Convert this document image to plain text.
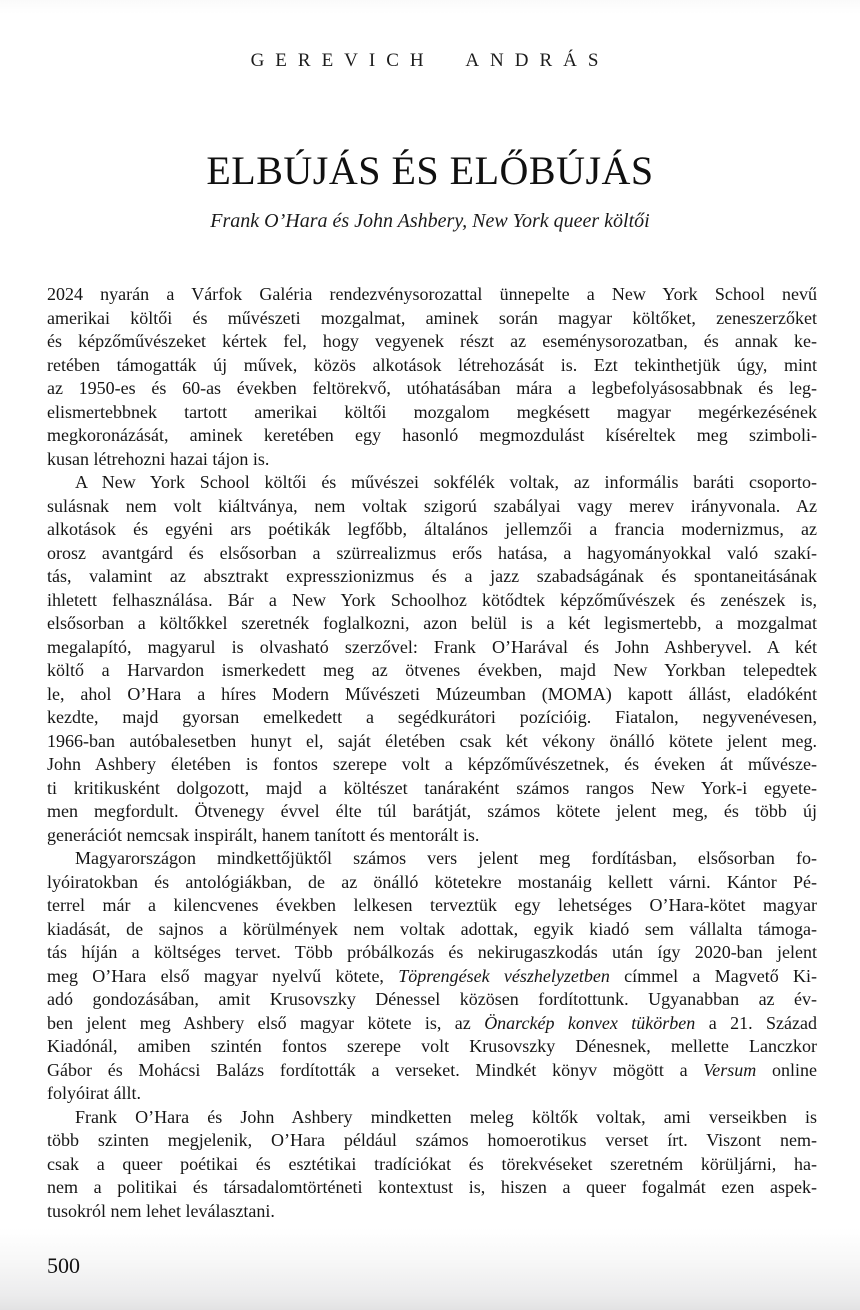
GEREVICH ANDRÁS
ELBÚJÁS ÉS ELŐBÚJÁS
Frank O’Hara és John Ashbery, New York queer költői
2024 nyarán a Várfok Galéria rendezvénysorozattal ünnepelte a New York School nevű
amerikai költői és művészeti mozgalmat, aminek során magyar költőket, zeneszerzőket
és képzőművészeket kértek fel, hogy vegyenek részt az eseménysorozatban, és annak ke-
retében támogatták új művek, közös alkotások létrehozását is. Ezt tekinthetjük úgy, mint
az 1950-es és 60-as években feltörekvő, utóhatásában mára a legbefolyásosabbnak és leg-
elismertebbnek tartott amerikai költői mozgalom megkésett magyar megérkezésének
megkoronázását, aminek keretében egy hasonló megmozdulást kíséreltek meg szimboli-
kusan létrehozni hazai tájon is.
A New York School költői és művészei sokfélék voltak, az informális baráti csoporto-
sulásnak nem volt kiáltványa, nem voltak szigorú szabályai vagy merev irányvonala. Az
alkotások és egyéni ars poétikák legfőbb, általános jellemzői a francia modernizmus, az
orosz avantgárd és elsősorban a szürrealizmus erős hatása, a hagyományokkal való szakí-
tás, valamint az absztrakt expresszionizmus és a jazz szabadságának és spontaneitásának
ihletett felhasználása. Bár a New York Schoolhoz kötődtek képzőművészek és zenészek is,
elsősorban a költőkkel szeretnék foglalkozni, azon belül is a két legismertebb, a mozgalmat
megalapító, magyarul is olvasható szerzővel: Frank O’Harával és John Ashberyvel. A két
költő a Harvardon ismerkedett meg az ötvenes években, majd New Yorkban telepedtek
le, ahol O’Hara a híres Modern Művészeti Múzeumban (MOMA) kapott állást, eladóként
kezdte, majd gyorsan emelkedett a segédkurátori pozícióig. Fiatalon, negyvenévesen,
1966-ban autóbalesetben hunyt el, saját életében csak két vékony önálló kötete jelent meg.
John Ashbery életében is fontos szerepe volt a képzőművészetnek, és éveken át művésze-
ti kritikusként dolgozott, majd a költészet tanáraként számos rangos New York-i egyete-
men megfordult. Ötvenegy évvel élte túl barátját, számos kötete jelent meg, és több új
generációt nemcsak inspirált, hanem tanított és mentorált is.
Magyarországon mindkettőjüktől számos vers jelent meg fordításban, elsősorban fo-
lyóiratokban és antológiákban, de az önálló kötetekre mostanáig kellett várni. Kántor Pé-
terrel már a kilencvenes években lelkesen terveztük egy lehetséges O’Hara-kötet magyar
kiadását, de sajnos a körülmények nem voltak adottak, egyik kiadó sem vállalta támoga-
tás híján a költséges tervet. Több próbálkozás és nekirugaszkodás után így 2020-ban jelent
meg O’Hara első magyar nyelvű kötete, Töprengések vészhelyzetben címmel a Magvető Ki-
adó gondozásában, amit Krusovszky Dénessel közösen fordítottunk. Ugyanabban az év-
ben jelent meg Ashbery első magyar kötete is, az Önarckép konvex tükörben a 21. Század
Kiadónál, amiben szintén fontos szerepe volt Krusovszky Dénesnek, mellette Lanczkor
Gábor és Mohácsi Balázs fordították a verseket. Mindkét könyv mögött a Versum online
folyóirat állt.
Frank O’Hara és John Ashbery mindketten meleg költők voltak, ami verseikben is
több szinten megjelenik, O’Hara például számos homoerotikus verset írt. Viszont nem-
csak a queer poétikai és esztétikai tradíciókat és törekvéseket szeretném körüljárni, ha-
nem a politikai és társadalomtörténeti kontextust is, hiszen a queer fogalmát ezen aspek-
tusokról nem lehet leválasztani.
500
